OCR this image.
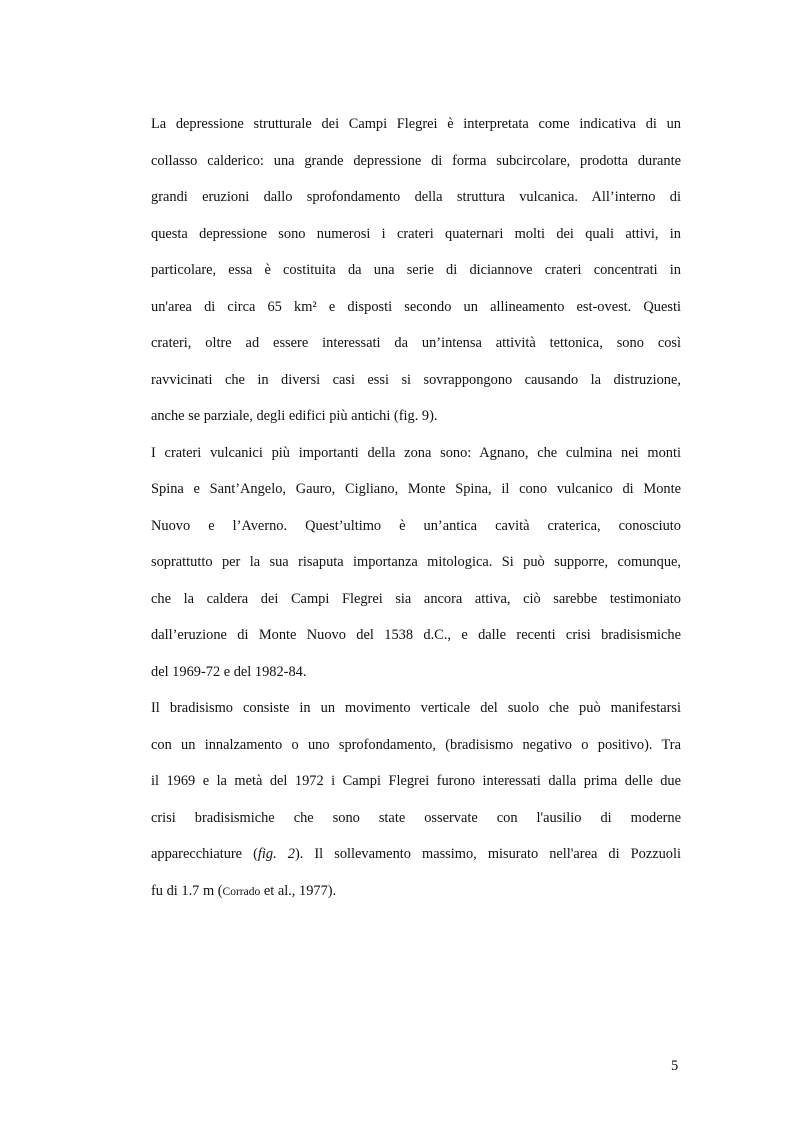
La depressione strutturale dei Campi Flegrei è interpretata come indicativa di un
collasso calderico: una grande depressione di forma subcircolare, prodotta durante
grandi eruzioni dallo sprofondamento della struttura vulcanica. All’interno di
questa depressione sono numerosi i crateri quaternari molti dei quali attivi, in
particolare, essa è costituita da una serie di diciannove crateri concentrati in
un'area di circa 65 km² e disposti secondo un allineamento est-ovest. Questi
crateri, oltre ad essere interessati da un’intensa attività tettonica, sono così
ravvicinati che in diversi casi essi si sovrappongono causando la distruzione,
anche se parziale, degli edifici più antichi (fig. 9).
I crateri vulcanici più importanti della zona sono: Agnano, che culmina nei monti
Spina e Sant’Angelo, Gauro, Cigliano, Monte Spina, il cono vulcanico di Monte
Nuovo e l’Averno. Quest’ultimo è un’antica cavità craterica, conosciuto
soprattutto per la sua risaputa importanza mitologica. Si può supporre, comunque,
che la caldera dei Campi Flegrei sia ancora attiva, ciò sarebbe testimoniato
dall’eruzione di Monte Nuovo del 1538 d.C., e dalle recenti crisi bradisismiche
del 1969-72 e del 1982-84.
Il bradisismo consiste in un movimento verticale del suolo che può manifestarsi
con un innalzamento o uno sprofondamento, (bradisismo negativo o positivo). Tra
il 1969 e la metà del 1972 i Campi Flegrei furono interessati dalla prima delle due
crisi bradisismiche che sono state osservate con l'ausilio di moderne
apparecchiature (fig. 2). Il sollevamento massimo, misurato nell'area di Pozzuoli
fu di 1.7 m (Corrado et al., 1977).
5
